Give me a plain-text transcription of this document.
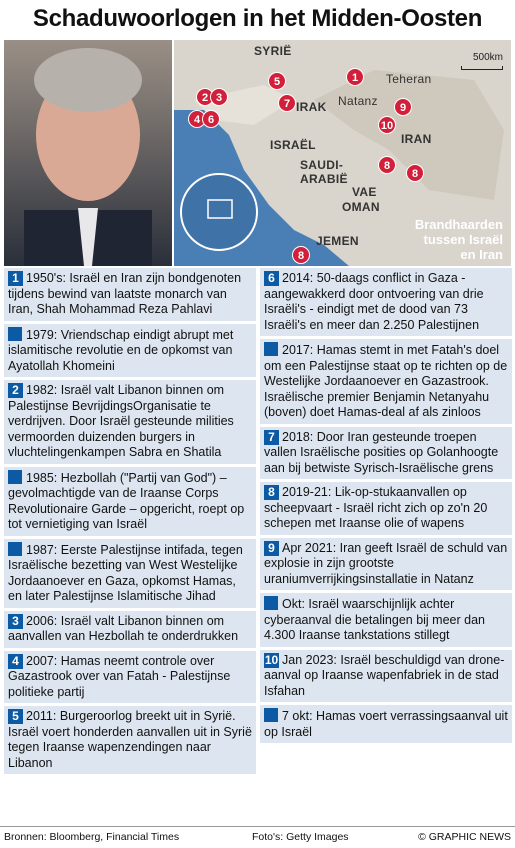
Schaduwoorlogen in het Midden-Oosten
SYRIË
IRAK
ISRAËL
SAUDI-
ARABIË
VAE
OMAN
JEMEN
IRAN
Teheran
Natanz
500km
1
2 3
4
5
6
7
8
8
8
9
10
Brandhaarden
tussen Israël
en Iran
1 1950's: Israël en Iran zijn bondgenoten tijdens bewind van laatste monarch van Iran, Shah Mohammad Reza Pahlavi
1979: Vriendschap eindigt abrupt met islamitische revolutie en de opkomst van Ayatollah Khomeini
2 1982: Israël valt Libanon binnen om Palestijnse BevrijdingsOrganisatie te verdrijven. Door Israël gesteunde milities vermoorden duizenden burgers in vluchtelingenkampen Sabra en Shatila
1985: Hezbollah ("Partij van God") – gevolmachtigde van de Iraanse Corps Revolutionaire Garde – opgericht, roept op tot vernietiging van Israël
1987: Eerste Palestijnse intifada, tegen Israëlische bezetting van West Westelijke Jordaanoever en Gaza, opkomst Hamas, en later Palestijnse Islamitische Jihad
3 2006: Israël valt Libanon binnen om aanvallen van Hezbollah te onderdrukken
4 2007: Hamas neemt controle over Gazastrook over van Fatah - Palestijnse politieke partij
5 2011: Burgeroorlog breekt uit in Syrië. Israël voert honderden aanvallen uit in Syrië tegen Iraanse wapenzendingen naar Libanon
6 2014: 50-daags conflict in Gaza - aangewakkerd door ontvoering van drie Israëli's - eindigt met de dood van 73 Israëli's en meer dan 2.250 Palestijnen
2017: Hamas stemt in met Fatah's doel om een Palestijnse staat op te richten op de Westelijke Jordaanoever en Gazastrook. Israëlische premier Benjamin Netanyahu (boven) doet Hamas-deal af als zinloos
7 2018: Door Iran gesteunde troepen vallen Israëlische posities op Golanhoogte aan bij betwiste Syrisch-Israëlische grens
8 2019-21: Lik-op-stukaanvallen op scheepvaart - Israël richt zich op zo'n 20 schepen met Iraanse olie of wapens
9 Apr 2021: Iran geeft Israël de schuld van explosie in zijn grootste uraniumverrijkingsinstallatie in Natanz
Okt: Israël waarschijnlijk achter cyberaanval die betalingen bij meer dan 4.300 Iraanse tankstations stillegt
10 Jan 2023: Israël beschuldigd van drone-aanval op Iraanse wapenfabriek in de stad Isfahan
7 okt: Hamas voert verrassingsaanval uit op Israël
Bronnen: Bloomberg, Financial Times	Foto's: Getty Images	© GRAPHIC NEWS
